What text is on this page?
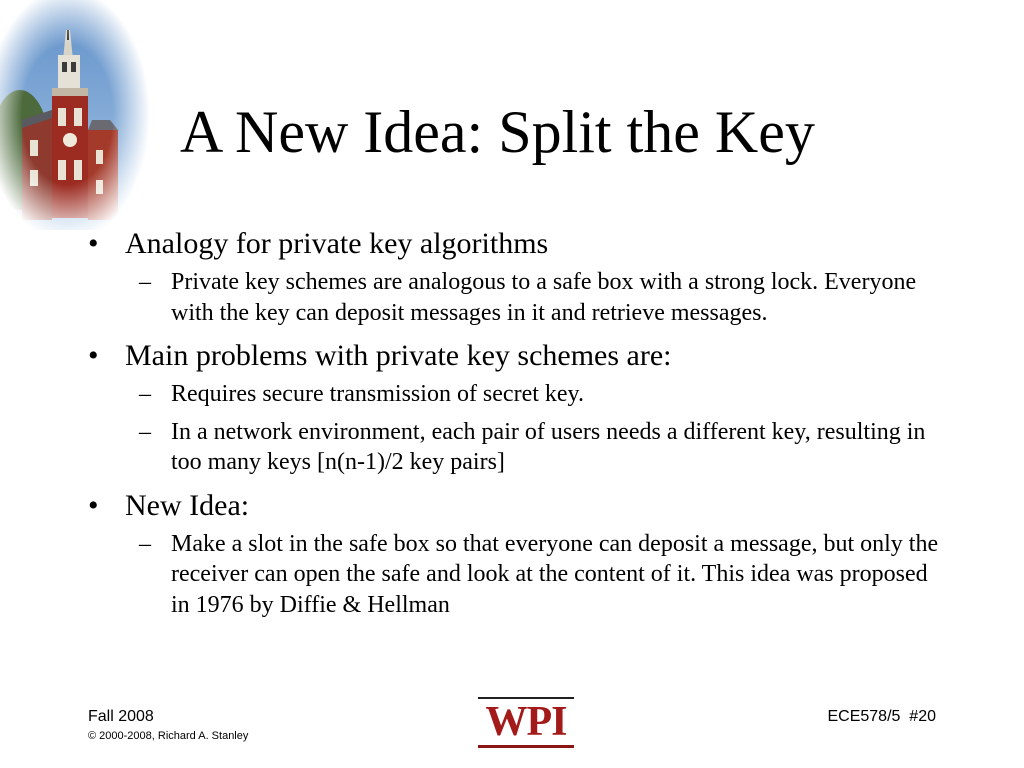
A New Idea: Split the Key
• Analogy for private key algorithms
– Private key schemes are analogous to a safe box with a strong lock. Everyone with the key can deposit messages in it and retrieve messages.
• Main problems with private key schemes are:
– Requires secure transmission of secret key.
– In a network environment, each pair of users needs a different key, resulting in too many keys [n(n-1)/2 key pairs]
• New Idea:
– Make a slot in the safe box so that everyone can deposit a message, but only the receiver can open the safe and look at the content of it. This idea was proposed in 1976 by Diffie & Hellman
Fall 2008
© 2000-2008, Richard A. Stanley	WPI	ECE578/5 #20
